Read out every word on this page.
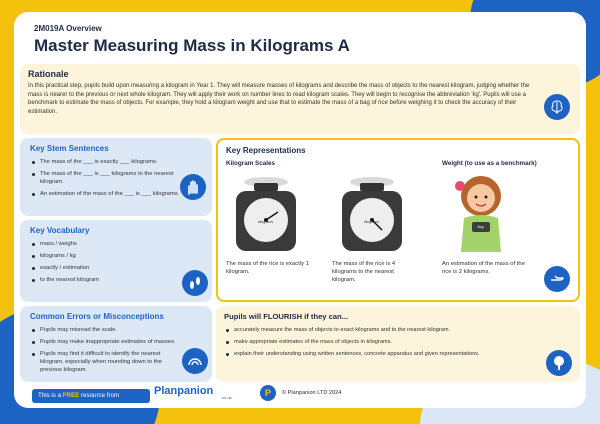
2M019A Overview
Master Measuring Mass in Kilograms A
Rationale

In this practical step, pupils build upon measuring a kilogram in Year 1. They will measure masses of kilograms and describe the mass of objects to the nearest kilogram, judging whether the mass is nearer to the previous or next whole kilogram. They will apply their work on number lines to read kilogram scales. They will begin to recognise the abbreviation 'kg'. Pupils will use a benchmark to estimate the mass of objects. For example, they hold a kilogram weight and use that to estimate the mass of a bag of rice before weighing it to check the accuracy of their estimation.

Key Stem Sentences
The mass of the ___ is exactly ___ kilograms.
The mass of the ___ is ___ kilograms to the nearest kilogram.
An estimation of the mass of the ___ is ___ kilograms.
Key Vocabulary
mass / weighs
kilograms / kg
exactly / estimation
to the nearest kilogram
Common Errors or Misconceptions
Pupils may misread the scale.
Pupils may make inappropriate estimates of masses.
Pupils may find it difficult to identify the nearest kilogram, especially when rounding down to the previous kilogram.
Key Representations
Kilogram Scales	Weight (to use as a benchmark)
kilograms	kilograms
1kg
The mass of the rice is exactly 1 kilogram.
The mass of the rice is 4 kilograms to the nearest kilogram.
An estimation of the mass of the rice is 2 kilograms.
Pupils will FLOURISH if they can...
accurately measure the mass of objects to exact kilograms and to the nearest kilogram.
make appropriate estimates of the mass of objects in kilograms.
explain their understanding using written sentences, concrete apparatus and given representations.
This is a FREE resource from	Planpanion
.co.uk	P	© Planpanion LTD 2024
